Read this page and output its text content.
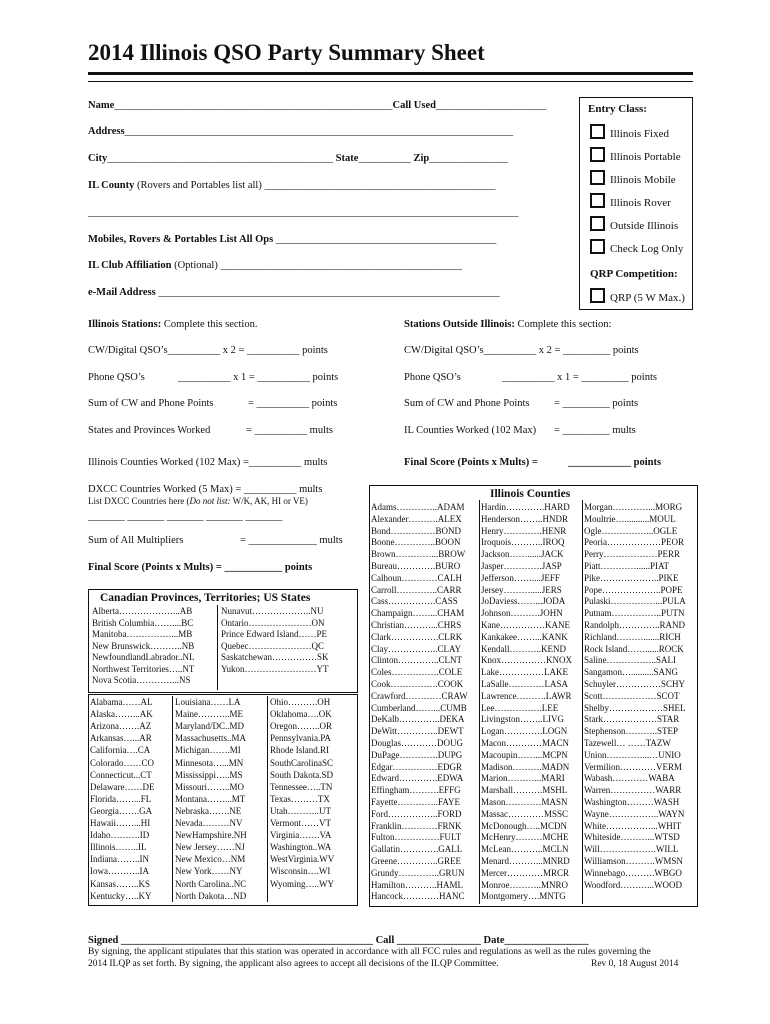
2014 Illinois QSO Party Summary Sheet
Name_____________________________________________________Call Used_____________________
Address__________________________________________________________________________
City___________________________________________ State__________ Zip_______________
IL County (Rovers and Portables list all) ____________________________________________
__________________________________________________________________________________
Mobiles, Rovers & Portables List All Ops __________________________________________
IL Club Affiliation (Optional) ______________________________________________
e-Mail Address _________________________________________________________________
Entry Class:
Illinois Fixed
Illinois Portable
Illinois Mobile
Illinois Rover
Outside Illinois
Check Log Only
QRP Competition:
QRP (5 W Max.)
Illinois Stations: Complete this section.
CW/Digital QSO’s__________ x 2 = __________ points
Phone QSO’s	__________ x 1 = __________ points
Sum of CW and Phone Points	= __________ points
States and Provinces Worked	= __________ mults
Illinois Counties Worked (102 Max) =__________ mults
DXCC Countries Worked (5 Max) = __________ mults
List DXCC Countries here (Do not list: W/K, AK, HI or VE)
_______ _______ _______ _______ _______
Sum of All Multipliers	= _____________ mults
Final Score (Points x Mults) = ___________ points
Stations Outside Illinois: Complete this section:
CW/Digital QSO’s__________ x 2 = _________ points
Phone QSO’s	__________ x 1 = _________ points
Sum of CW and Phone Points = _________ points
IL Counties Worked (102 Max) = _________ mults
Final Score (Points x Mults) =	____________ points
Canadian Provinces, Territories; US States
Alberta………………...AB
British Columbia……....BC
Manitoba……………...MB
New Brunswick………..NB
NewfoundlandLabrador..NL
Northwest Territories…..NT
Nova Scotia…………...NS
Nunavut………………..NU
Ontario…………………ON
Prince Edward Island……PE
Quebec…………………QC
Saskatchewan……………SK
Yukon……………………YT
Alabama……AL
Alaska……...AK
Arizona…….AZ
Arkansas…...AR
California….CA
Colorado……CO
Connecticut...CT
Delaware……DE
Florida……...FL
Georgia…….GA
Hawaii……...HI
Idaho……….ID
Illinois……..IL
Indiana……..IN
Iowa………..IA
Kansas……..KS
Kentucky…..KY
Louisiana……LA
Maine………..ME
Maryland/DC..MD
Massachusetts..MA
Michigan…….MI
Minnesota…...MN
Mississippi…..MS
Missouri……..MO
Montana……...MT
Nebraska…….NE
Nevada………NV
NewHampshire.NH
New Jersey……NJ
New Mexico…NM
New York……NY
North Carolina..NC
North Dakota…ND
Ohio……….OH
Oklahoma….OK
Oregon……..OR
Pennsylvania.PA
Rhode Island.RI
SouthCarolinaSC
South Dakota.SD
Tennessee…..TN
Texas………TX
Utah………..UT
Vermont……VT
Virginia…….VA
Washington..WA
WestVirginia.WV
Wisconsin….WI
Wyoming…..WY
Illinois Counties
Adams…………..ADAM
Alexander……….ALEX
Bond……………BOND
Boone…………..BOON
Brown…………...BROW
Bureau………….BURO
Calhoun…………CALH
Carroll…………..CARR
Cass…………….CASS
Champaign……...CHAM
Christian………...CHRS
Clark…………….CLRK
Clay……………..CLAY
Clinton…………..CLNT
Coles…………….COLE
Cook…………….COOK
Crawford…………CRAW
Cumberland……...CUMB
DeKalb…………..DEKA
DeWitt…………..DEWT
Douglas…………DOUG
DuPage………….DUPG
Edgar……………EDGR
Edward………….EDWA
Effingham……….EFFG
Fayette…………..FAYE
Ford……………..FORD
Franklin…………FRNK
Fulton……………FULT
Gallatin………….GALL
Greene…………..GREE
Grundy…………..GRUN
Hamilton………..HAML
Hancock…………HANC
Hardin………….HARD
Henderson……..HNDR
Henry………….HENR
Iroquois………..IROQ
Jackson……......JACK
Jasper………….JASP
Jefferson……....JEFF
Jersey……….....JERS
JoDaviess……...JODA
Johnson……….JOHN
Kane……………KANE
Kankakee……...KANK
Kendall………..KEND
Knox……………KNOX
Lake……………LAKE
LaSalle…………LASA
Lawrence……….LAWR
Lee…………….LEE
Livingston……..LIVG
Logan………….LOGN
Macon…………MACN
Macoupin……...MCPN
Madison……….MADN
Marion………...MARI
Marshall……….MSHL
Mason…………MASN
Massac…………MSSC
McDonough…..MCDN
McHenry………MCHE
McLean………..MCLN
Menard………...MNRD
Mercer…………MRCR
Monroe………..MNRO
Montgomery….MNTG
Morgan…………...MORG
Moultrie…...........MOUL
Ogle……………...OGLE
Peoria………………PEOR
Perry………………PERR
Piatt…………......PIAT
Pike………………..PIKE
Pope………………..POPE
Pulaski……………...PULA
Putnam……………..PUTN
Randolph…………..RAND
Richland……….......RICH
Rock Island……......ROCK
Saline……………..SALI
Sangamon…..........SANG
Schuyler……………SCHY
Scott………………SCOT
Shelby………………SHEL
Stark………………STAR
Stephenson………..STEP
Tazewell… ……TAZW
Union…………...…UNIO
Vermilion…………VERM
Wabash…………WABA
Warren……………WARR
Washington………WASH
Wayne……………..WAYN
White……………...WHIT
Whiteside………...WTSD
Will……………….WILL
Williamson……….WMSN
Winnebago……….WBGO
Woodford………...WOOD
Signed ________________________________________________ Call ________________ Date________________
By signing, the applicant stipulates that this station was operated in accordance with all FCC rules and regulations as well as the rules governing the
2014 ILQP as set forth. By signing, the applicant also agrees to accept all decisions of the ILQP Committee.	Rev 0, 18 August 2014
